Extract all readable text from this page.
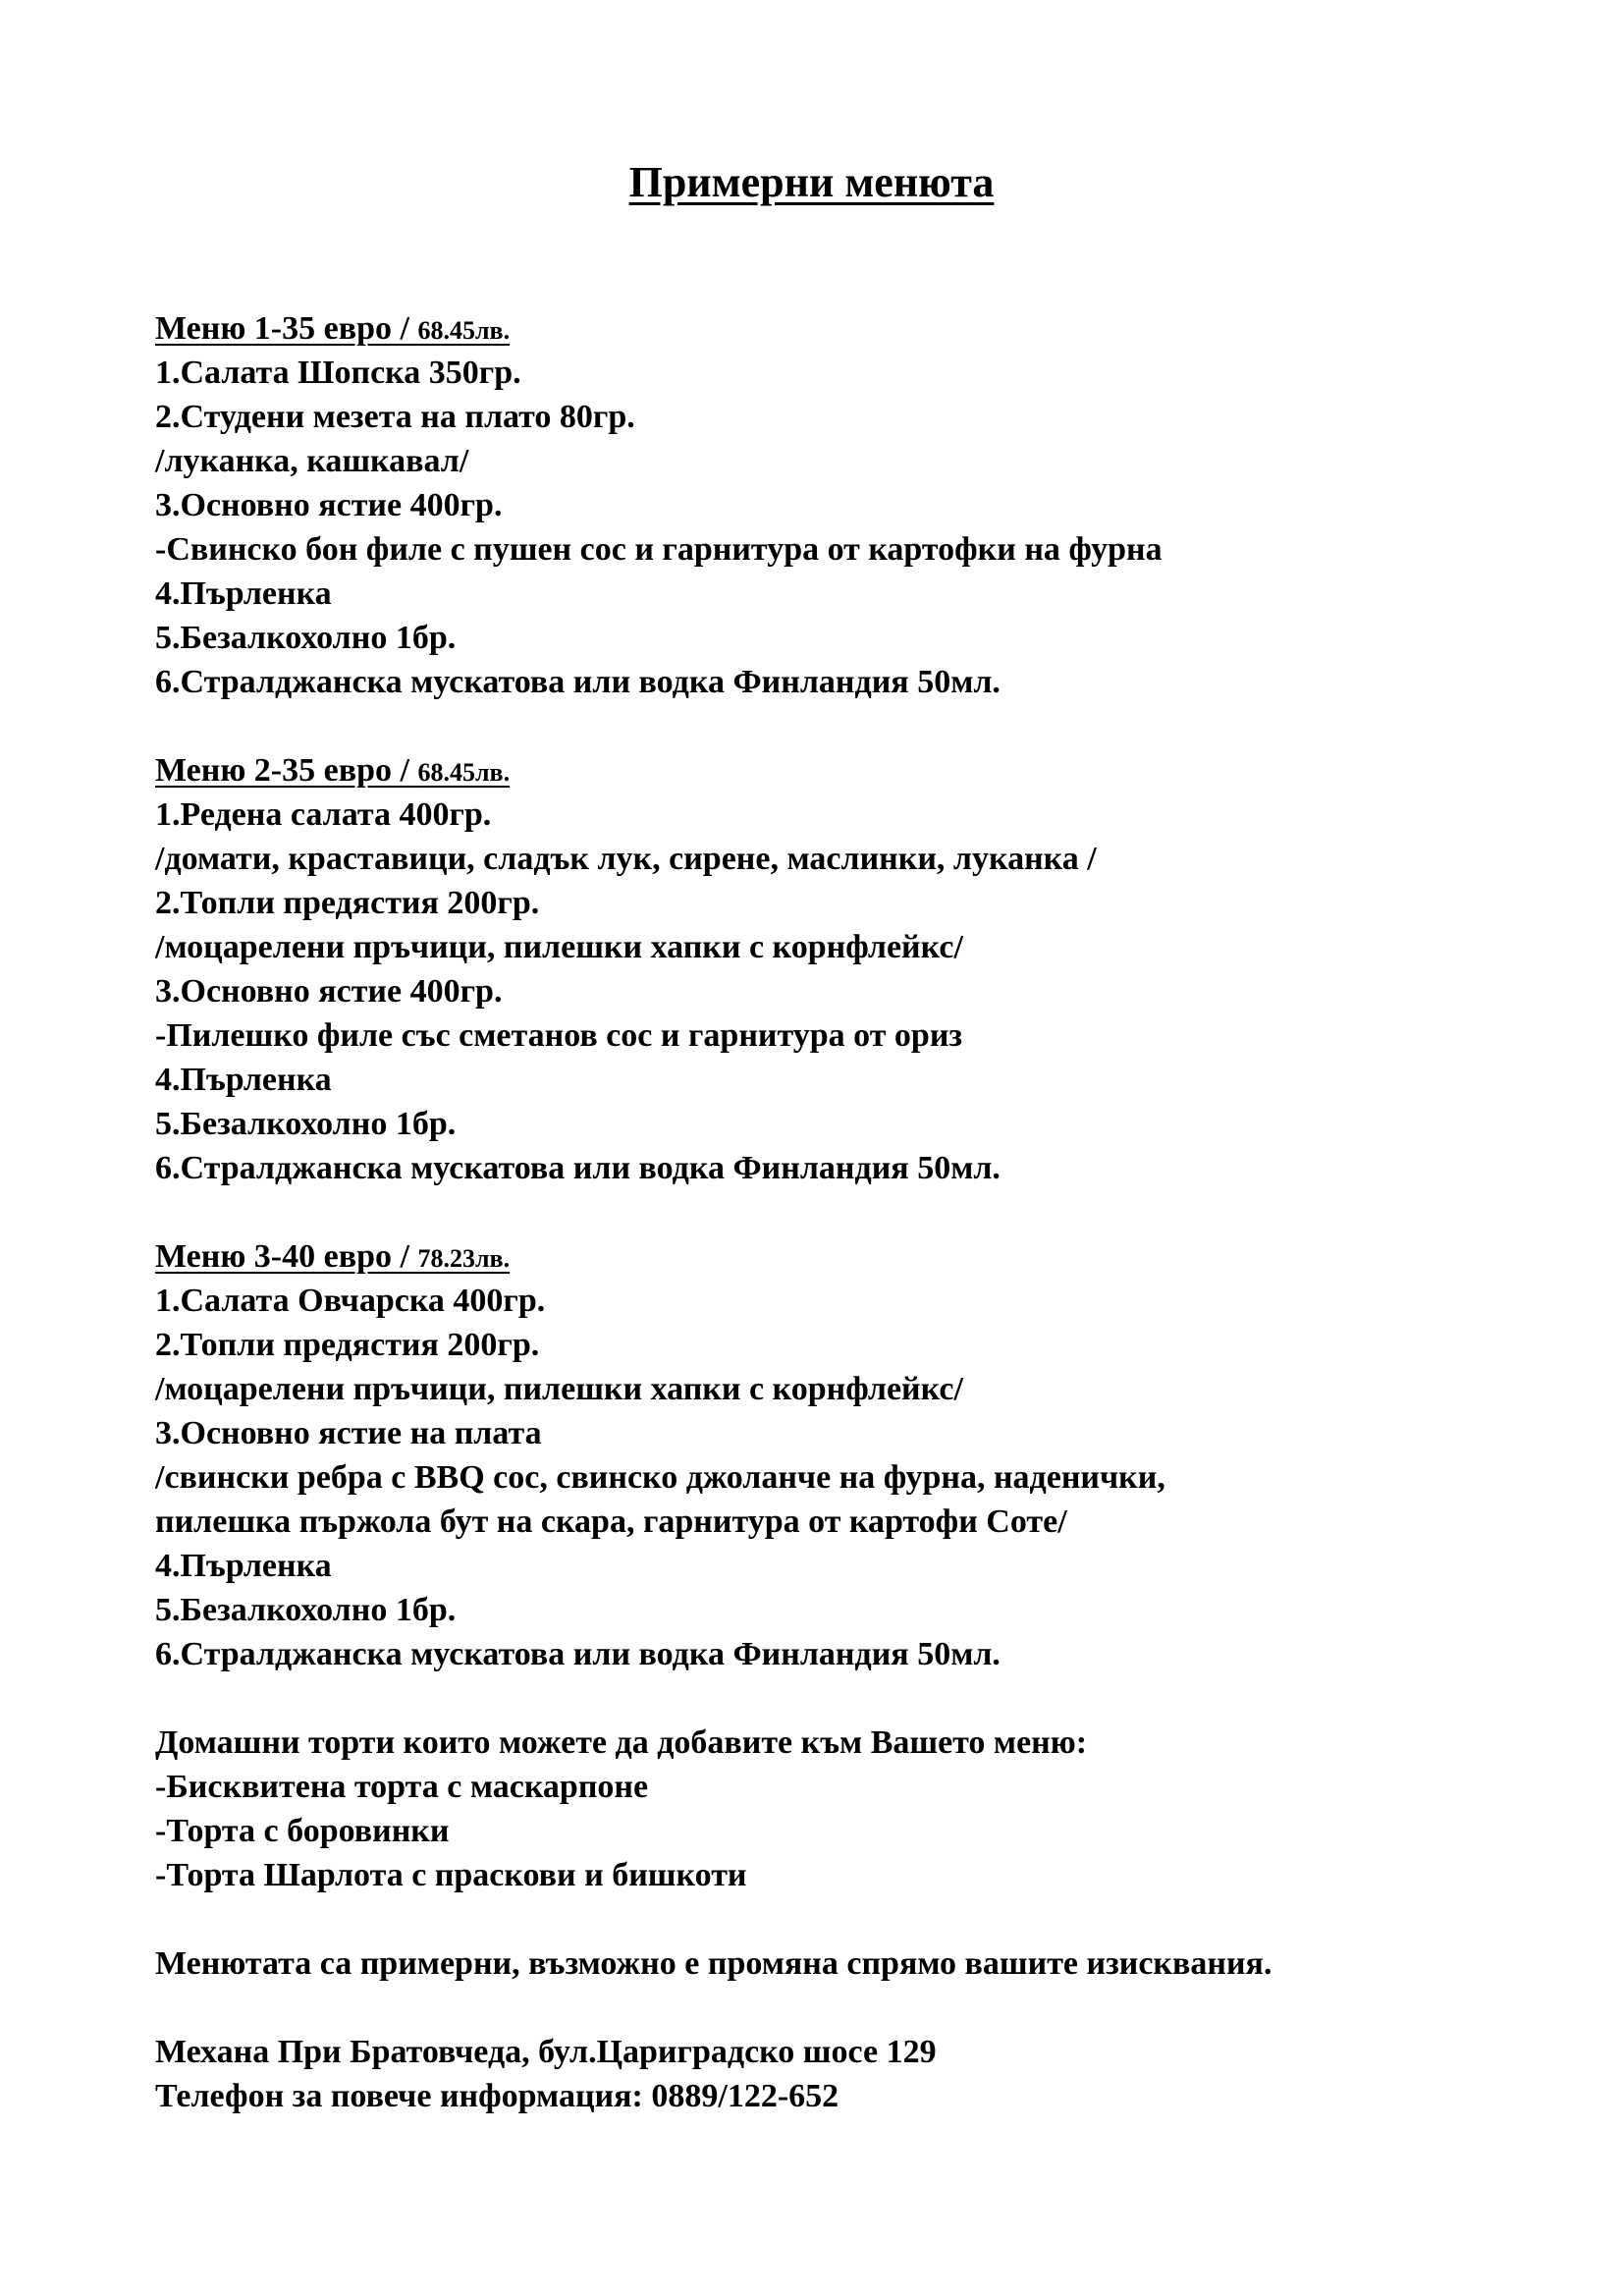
Примерни менюта
Меню 1-35 евро / 68.45лв.
1.Салата Шопска 350гр.
2.Студени мезета на плато 80гр.
/луканка, кашкавал/
3.Основно ястие 400гр.
-Свинско бон филе с пушен сос и гарнитура от картофки на фурна
4.Пърленка
5.Безалкохолно 1бр.
6.Стралджанска мускатова или водка Финландия 50мл.
Меню 2-35 евро / 68.45лв.
1.Редена салата 400гр.
/домати, краставици, сладък лук, сирене, маслинки, луканка /
2.Топли предястия 200гр.
/моцарелени пръчици, пилешки хапки с корнфлейкс/
3.Основно ястие 400гр.
-Пилешко филе със сметанов сос и гарнитура от ориз
4.Пърленка
5.Безалкохолно 1бр.
6.Стралджанска мускатова или водка Финландия 50мл.
Меню 3-40 евро / 78.23лв.
1.Салата Овчарска 400гр.
2.Топли предястия 200гр.
/моцарелени пръчици, пилешки хапки с корнфлейкс/
3.Основно ястие на плата
/свински ребра с BBQ сос, свинско джоланче на фурна, наденички,
пилешка пържола бут на скара, гарнитура от картофи Соте/
4.Пърленка
5.Безалкохолно 1бр.
6.Стралджанска мускатова или водка Финландия 50мл.
Домашни торти които можете да добавите към Вашето меню:
-Бисквитена торта с маскарпоне
-Торта с боровинки
-Торта Шарлота с праскови и бишкоти
Менютата са примерни, възможно е промяна спрямо вашите изисквания.
Механа При Братовчеда, бул.Цариградско шосе 129
Телефон за повече информация: 0889/122-652
